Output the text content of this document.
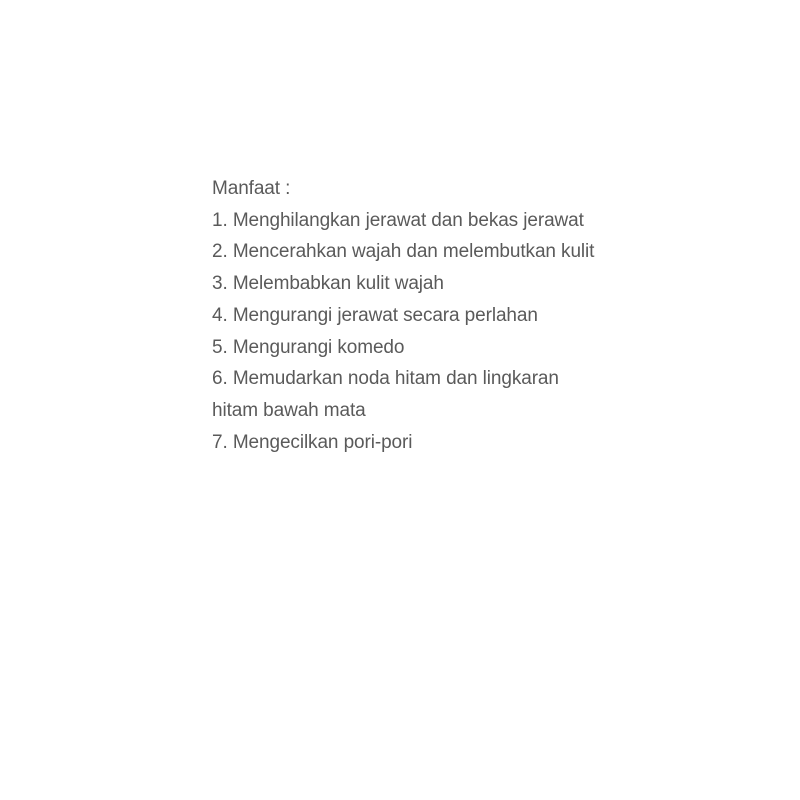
Manfaat :
1. Menghilangkan jerawat dan bekas jerawat
2. Mencerahkan wajah dan melembutkan kulit
3. Melembabkan kulit wajah
4. Mengurangi jerawat secara perlahan
5. Mengurangi komedo
6. Memudarkan noda hitam dan lingkaran
hitam bawah mata
7. Mengecilkan pori-pori
